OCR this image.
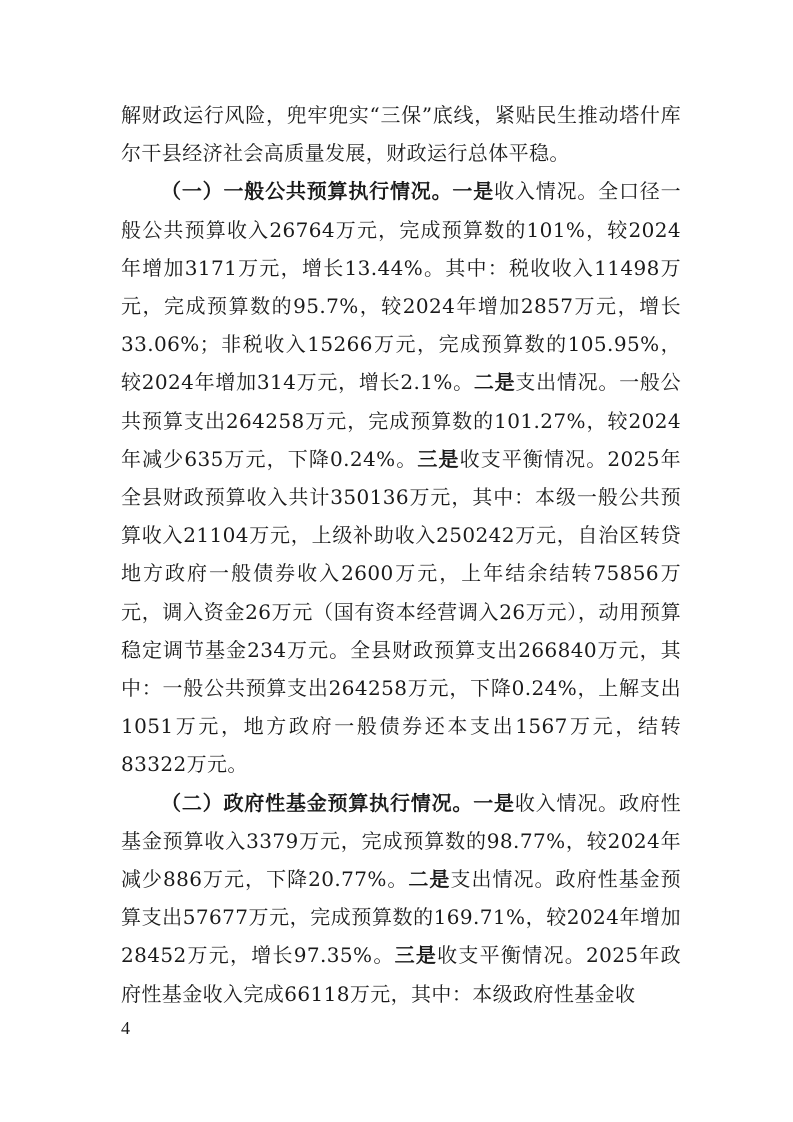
解财政运行风险，兜牢兜实“三保”底线，紧贴民生推动塔什库尔干县经济社会高质量发展，财政运行总体平稳。

（一）一般公共预算执行情况。一是收入情况。全口径一般公共预算收入26764万元，完成预算数的101%，较2024年增加3171万元，增长13.44%。其中：税收收入11498万元，完成预算数的95.7%，较2024年增加2857万元，增长33.06%；非税收入15266万元，完成预算数的105.95%，较2024年增加314万元，增长2.1%。二是支出情况。一般公共预算支出264258万元，完成预算数的101.27%，较2024年减少635万元，下降0.24%。三是收支平衡情况。2025年全县财政预算收入共计350136万元，其中：本级一般公共预算收入21104万元，上级补助收入250242万元，自治区转贷地方政府一般债券收入2600万元，上年结余结转75856万元，调入资金26万元（国有资本经营调入26万元），动用预算稳定调节基金234万元。全县财政预算支出266840万元，其中：一般公共预算支出264258万元，下降0.24%，上解支出1051万元，地方政府一般债券还本支出1567万元，结转83322万元。

（二）政府性基金预算执行情况。一是收入情况。政府性基金预算收入3379万元，完成预算数的98.77%，较2024年减少886万元，下降20.77%。二是支出情况。政府性基金预算支出57677万元，完成预算数的169.71%，较2024年增加28452万元，增长97.35%。三是收支平衡情况。2025年政府性基金收入完成66118万元，其中：本级政府性基金收

4
